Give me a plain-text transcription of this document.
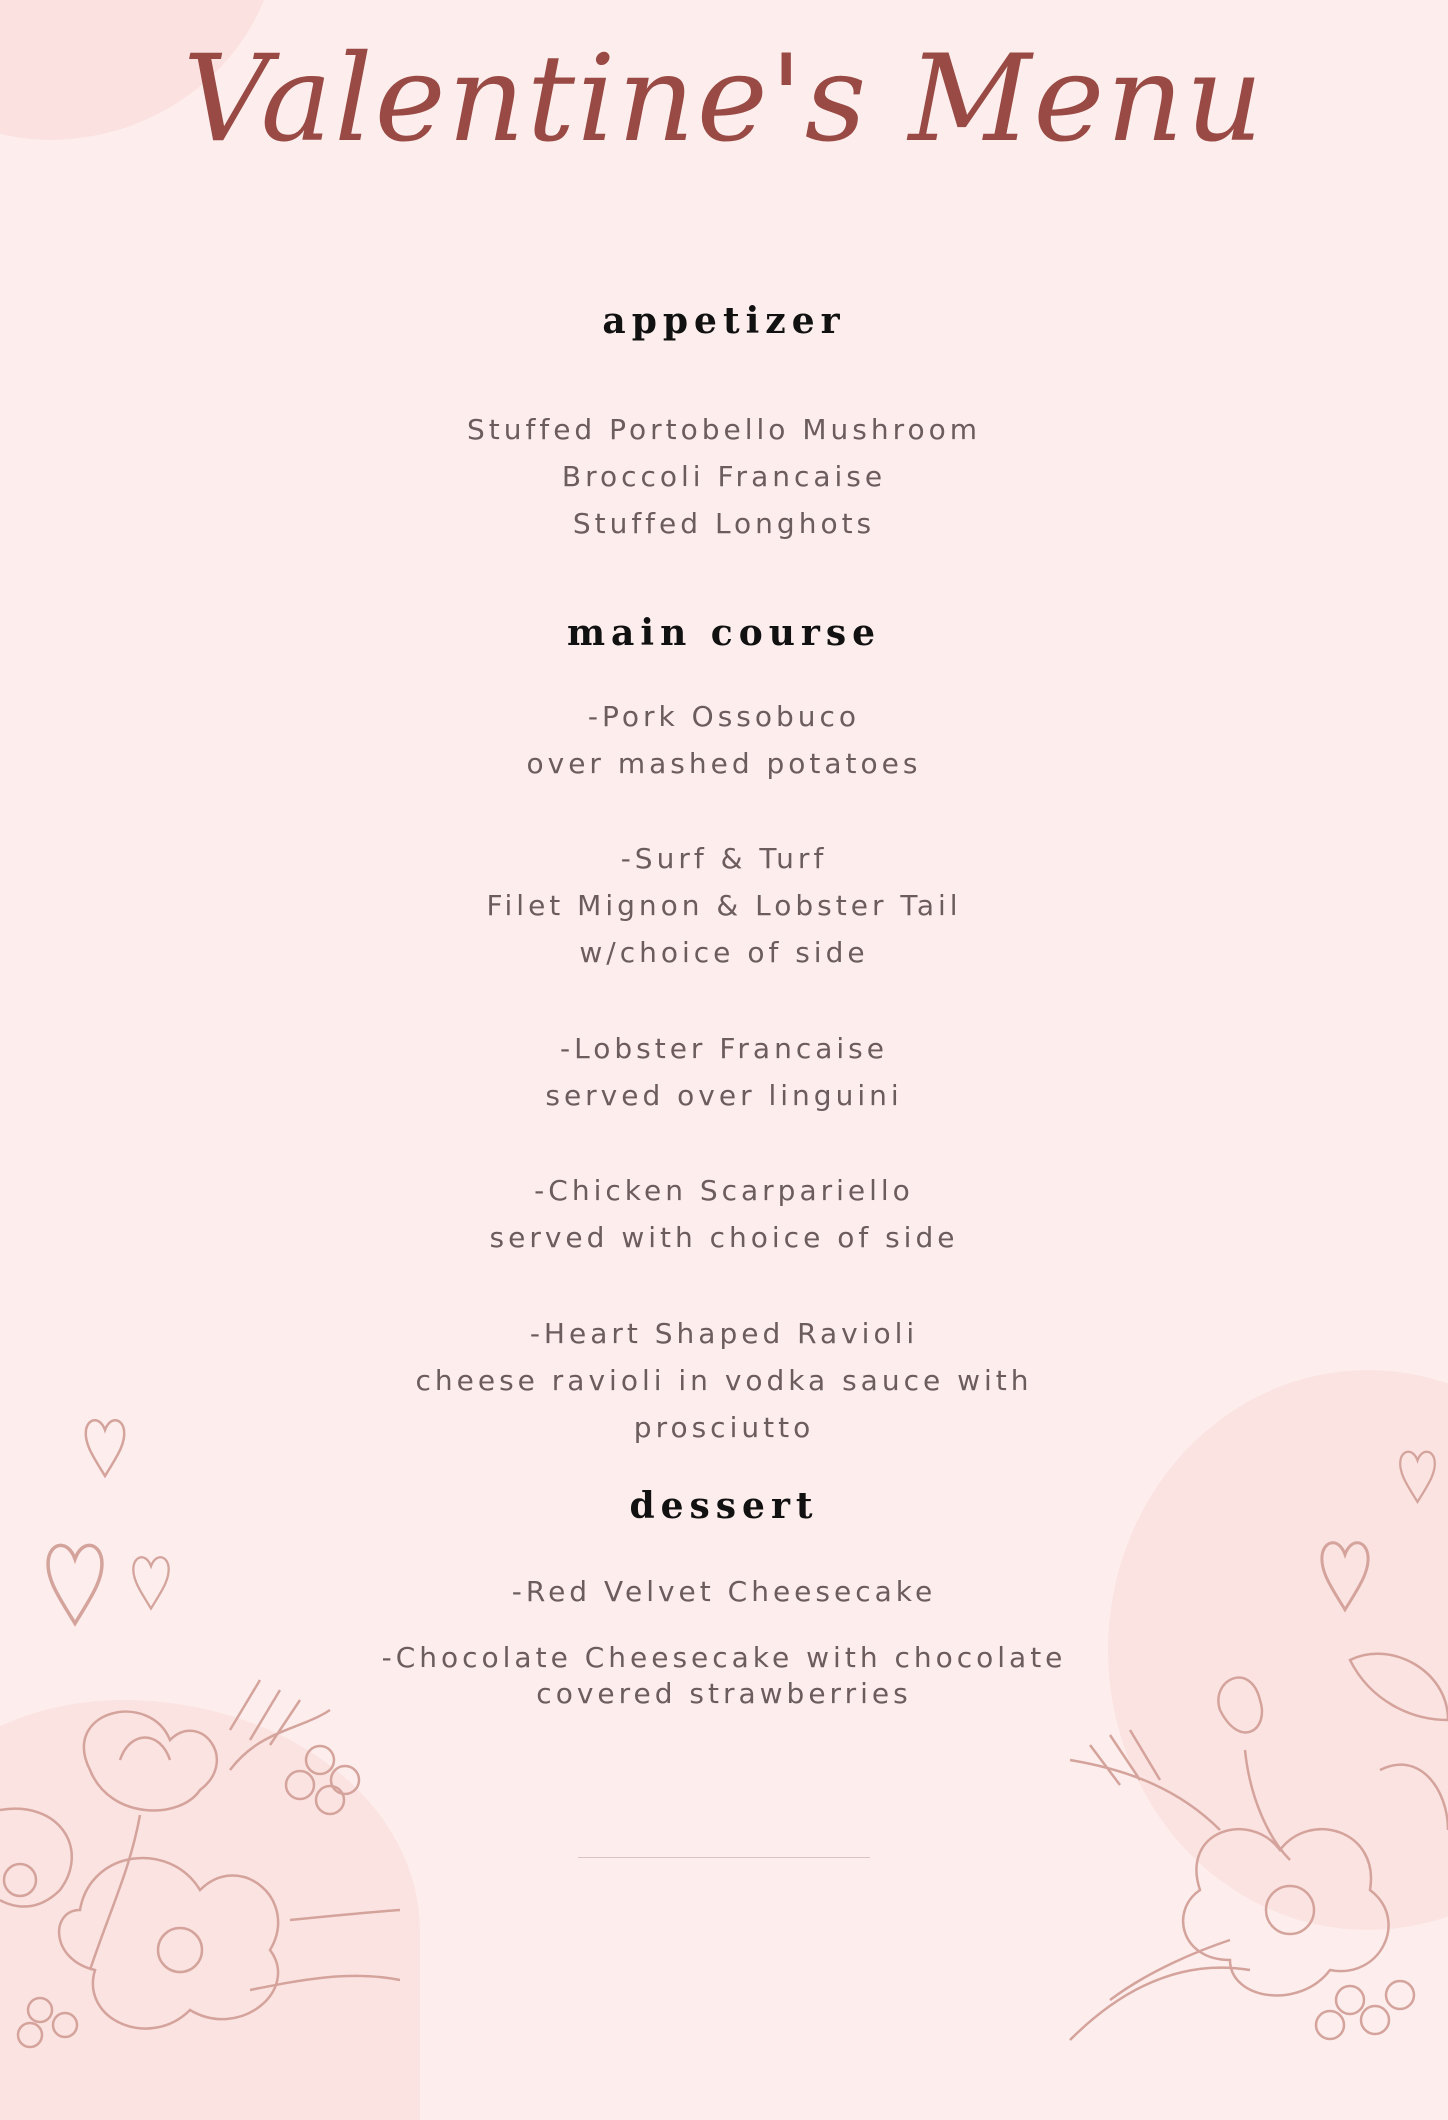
Valentine's Menu
appetizer
Stuffed Portobello Mushroom
Broccoli Francaise
Stuffed Longhots
main course
-Pork Ossobuco
over mashed potatoes
-Surf & Turf
Filet Mignon & Lobster Tail
w/choice of side
-Lobster Francaise
served over linguini
-Chicken Scarpariello
served with choice of side
-Heart Shaped Ravioli
cheese ravioli in vodka sauce with
prosciutto
dessert
-Red Velvet Cheesecake
-Chocolate Cheesecake with chocolate
covered strawberries
